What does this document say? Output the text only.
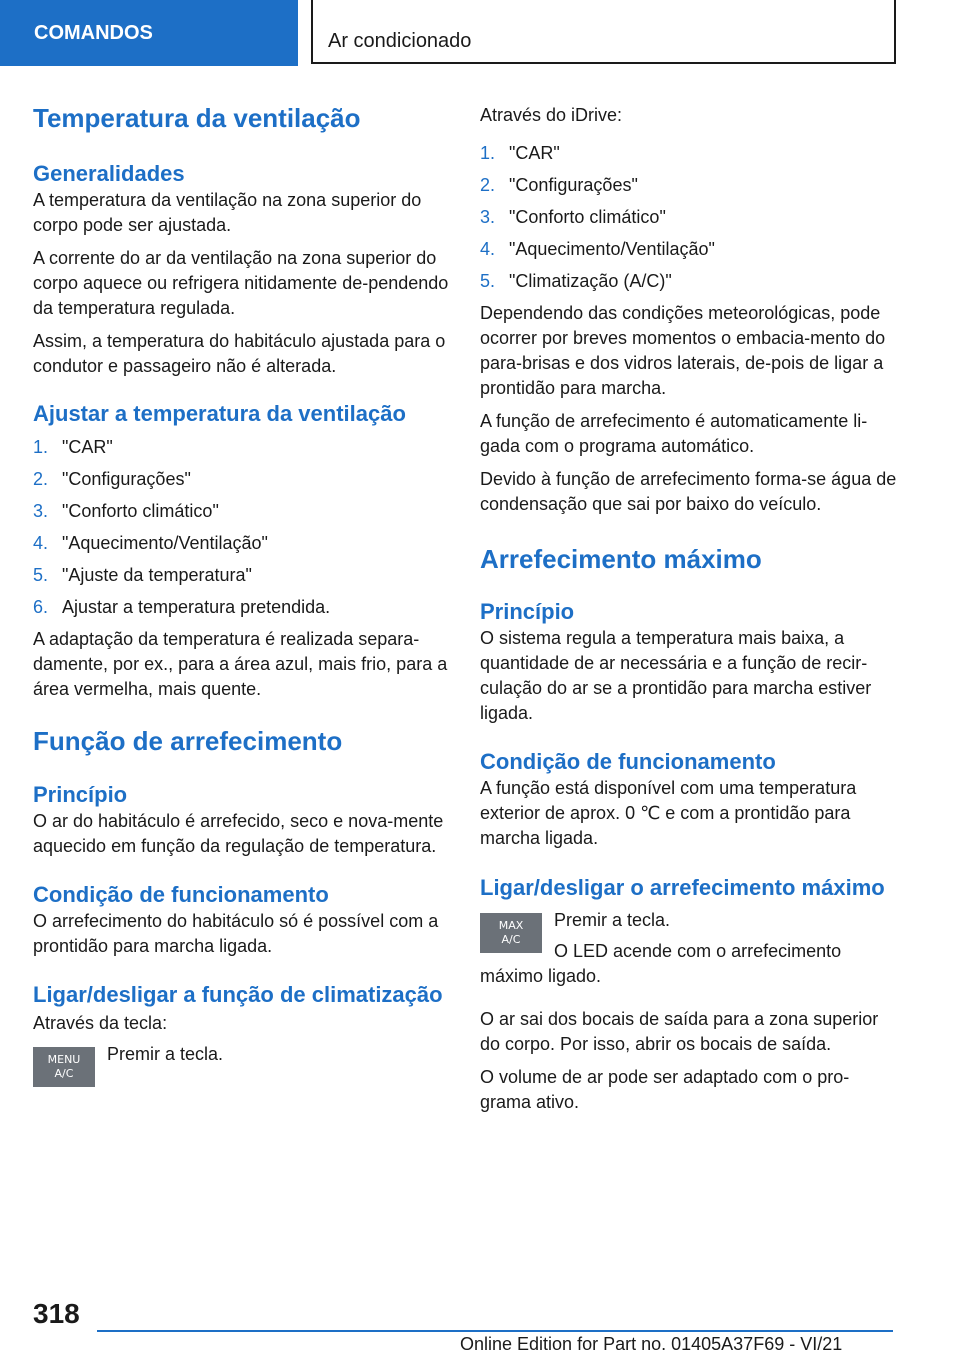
COMANDOS	Ar condicionado
Temperatura da ventilação
Generalidades

A temperatura da ventilação na zona superior do corpo pode ser ajustada.

A corrente do ar da ventilação na zona superior do corpo aquece ou refrigera nitidamente de-pendendo da temperatura regulada.

Assim, a temperatura do habitáculo ajustada para o condutor e passageiro não é alterada.

Ajustar a temperatura da ventilação
1. "CAR"
2. "Configurações"
3. "Conforto climático"
4. "Aquecimento/Ventilação"
5. "Ajuste da temperatura"
6. Ajustar a temperatura pretendida.

A adaptação da temperatura é realizada separa-damente, por ex., para a área azul, mais frio, para a área vermelha, mais quente.

Função de arrefecimento
Princípio

O ar do habitáculo é arrefecido, seco e nova-mente aquecido em função da regulação de temperatura.

Condição de funcionamento

O arrefecimento do habitáculo só é possível com a prontidão para marcha ligada.

Ligar/desligar a função de climatização

Através da tecla:

MENU
A/C

Premir a tecla.

Através do iDrive:

1. "CAR"
2. "Configurações"
3. "Conforto climático"
4. "Aquecimento/Ventilação"
5. "Climatização (A/C)"

Dependendo das condições meteorológicas, pode ocorrer por breves momentos o embacia-mento do para-brisas e dos vidros laterais, de-pois de ligar a prontidão para marcha.

A função de arrefecimento é automaticamente li-gada com o programa automático.

Devido à função de arrefecimento forma-se água de condensação que sai por baixo do veículo.

Arrefecimento máximo
Princípio

O sistema regula a temperatura mais baixa, a quantidade de ar necessária e a função de recir-culação do ar se a prontidão para marcha estiver ligada.

Condição de funcionamento

A função está disponível com uma temperatura exterior de aprox. 0 ℃ e com a prontidão para marcha ligada.

Ligar/desligar o arrefecimento máximo
MAX
A/C

Premir a tecla.

O LED acende com o arrefecimento máximo ligado.

O ar sai dos bocais de saída para a zona superior do corpo. Por isso, abrir os bocais de saída.

O volume de ar pode ser adaptado com o pro-grama ativo.

318
Online Edition for Part no. 01405A37F69 - VI/21
